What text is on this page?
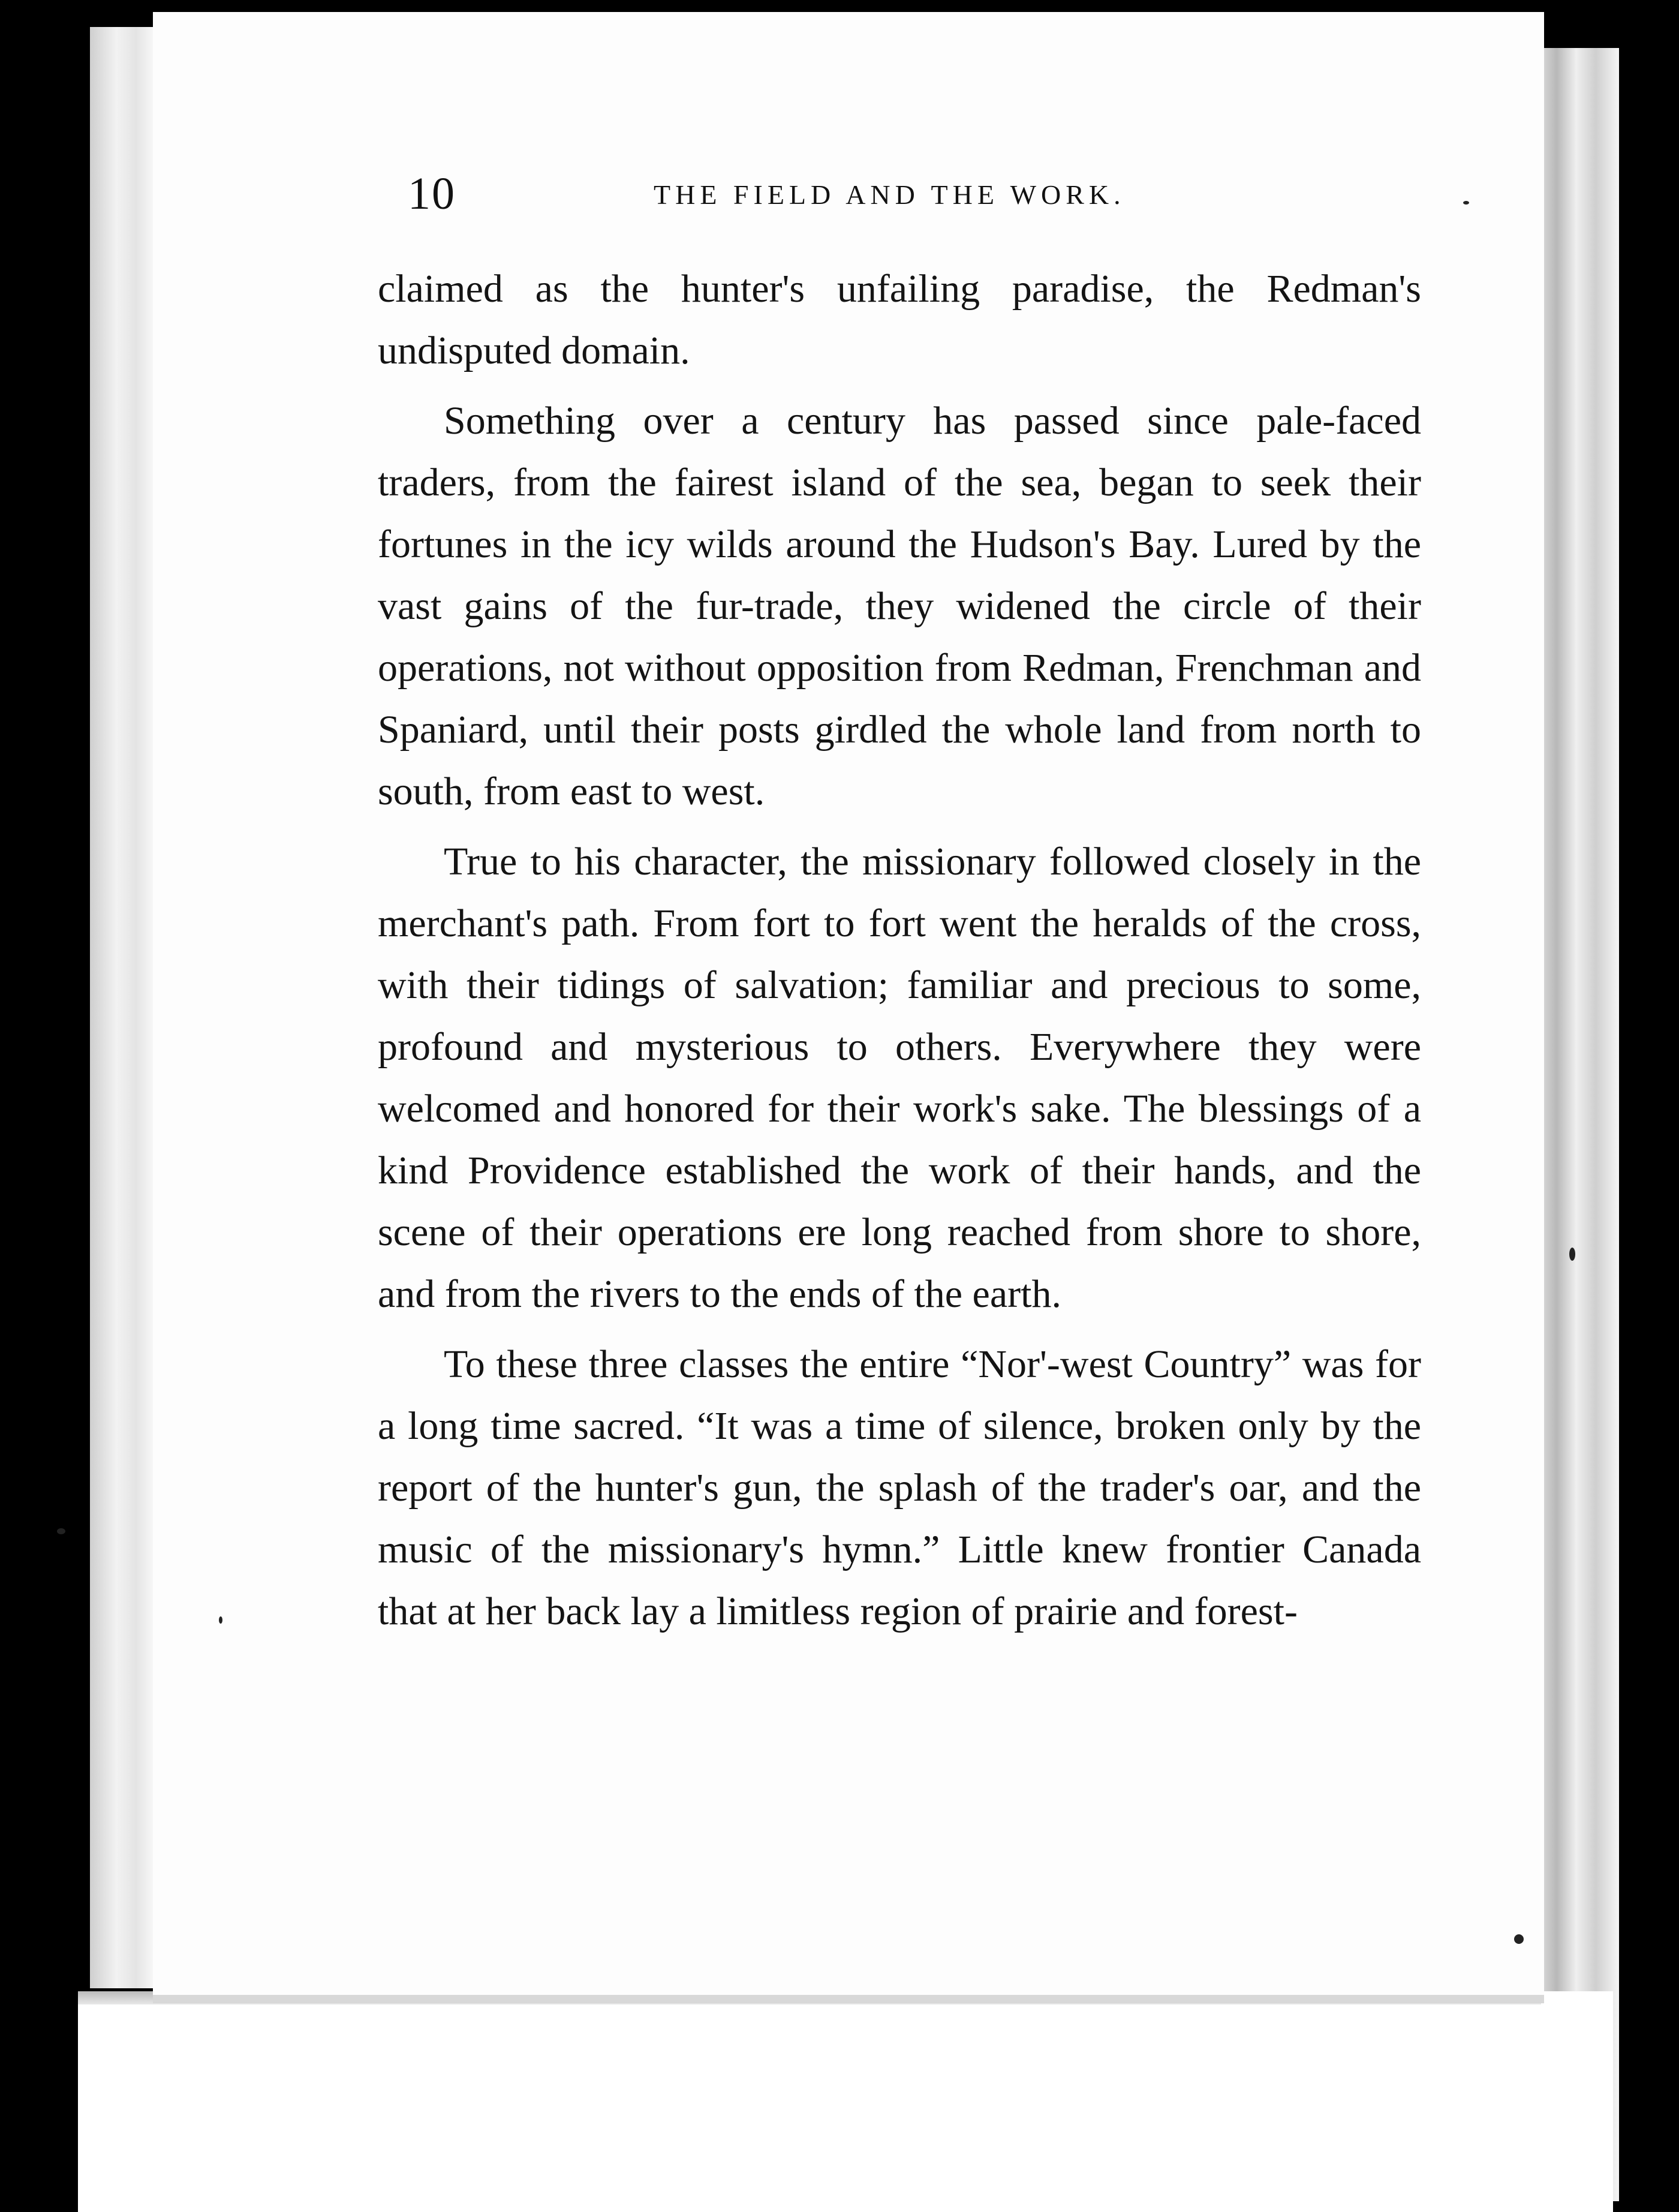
10	THE FIELD AND THE WORK.

claimed as the hunter's unfailing paradise, the Redman's undisputed domain.

Something over a century has passed since pale-faced traders, from the fairest island of the sea, began to seek their fortunes in the icy wilds around the Hudson's Bay. Lured by the vast gains of the fur-trade, they widened the circle of their operations, not without opposition from Redman, Frenchman and Spaniard, until their posts girdled the whole land from north to south, from east to west.

True to his character, the missionary followed closely in the merchant's path. From fort to fort went the heralds of the cross, with their tidings of salvation; familiar and precious to some, profound and mysterious to others. Everywhere they were welcomed and honored for their work's sake. The blessings of a kind Providence established the work of their hands, and the scene of their operations ere long reached from shore to shore, and from the rivers to the ends of the earth.

To these three classes the entire “Nor'-west Country” was for a long time sacred. “It was a time of silence, broken only by the report of the hunter's gun, the splash of the trader's oar, and the music of the missionary's hymn.” Little knew frontier Canada that at her back lay a limitless region of prairie and forest-
